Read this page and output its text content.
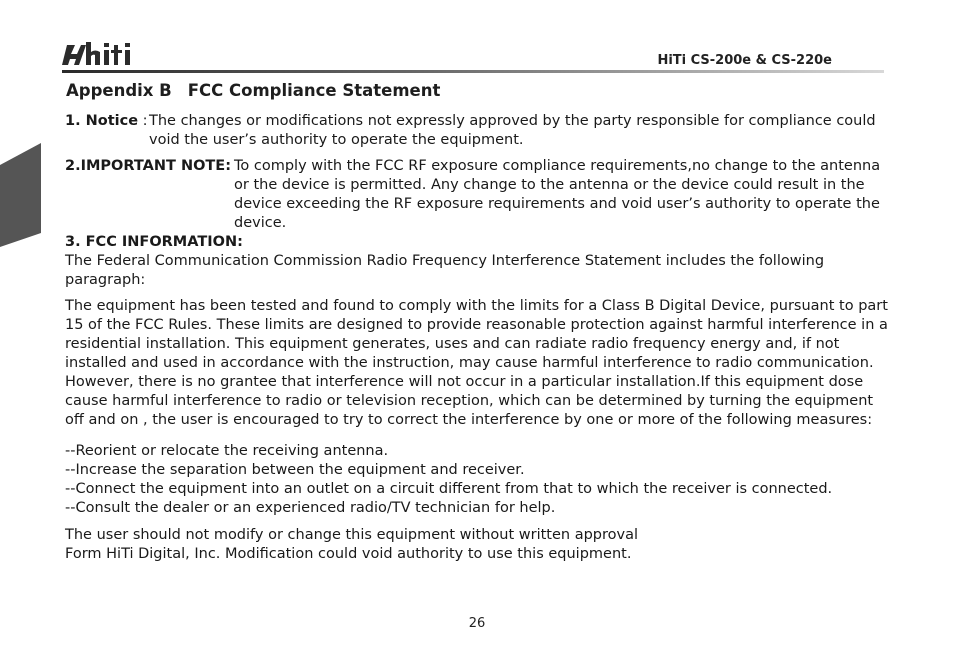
HiTi CS-200e & CS-220e
Appendix B FCC Compliance Statement
1. Notice :
The changes or modifications not expressly approved by the party responsible for compliance could void the user’s authority to operate the equipment.
2.IMPORTANT NOTE: To comply with the FCC RF exposure compliance requirements,no change to the antenna or the device is permitted. Any change to the antenna or the device could result in the device exceeding the RF exposure requirements and void user’s authority to operate the device.

3. FCC INFORMATION:

The Federal Communication Commission Radio Frequency Interference Statement includes the following paragraph:

The equipment has been tested and found to comply with the limits for a Class B Digital Device, pursuant to part 15 of the FCC Rules. These limits are designed to provide reasonable protection against harmful interference in a residential installation. This equipment generates, uses and can radiate radio frequency energy and, if not installed and used in accordance with the instruction, may cause harmful interference to radio communication. However, there is no grantee that interference will not occur in a particular installation.If this equipment dose cause harmful interference to radio or television reception, which can be determined by turning the equipment off and on , the user is encouraged to try to correct the interference by one or more of the following measures:

--Reorient or relocate the receiving antenna.
--Increase the separation between the equipment and receiver.
--Connect the equipment into an outlet on a circuit different from that to which the receiver is connected.
--Consult the dealer or an experienced radio/TV technician for help.
The user should not modify or change this equipment without written approval
Form HiTi Digital, Inc. Modification could void authority to use this equipment.
26
